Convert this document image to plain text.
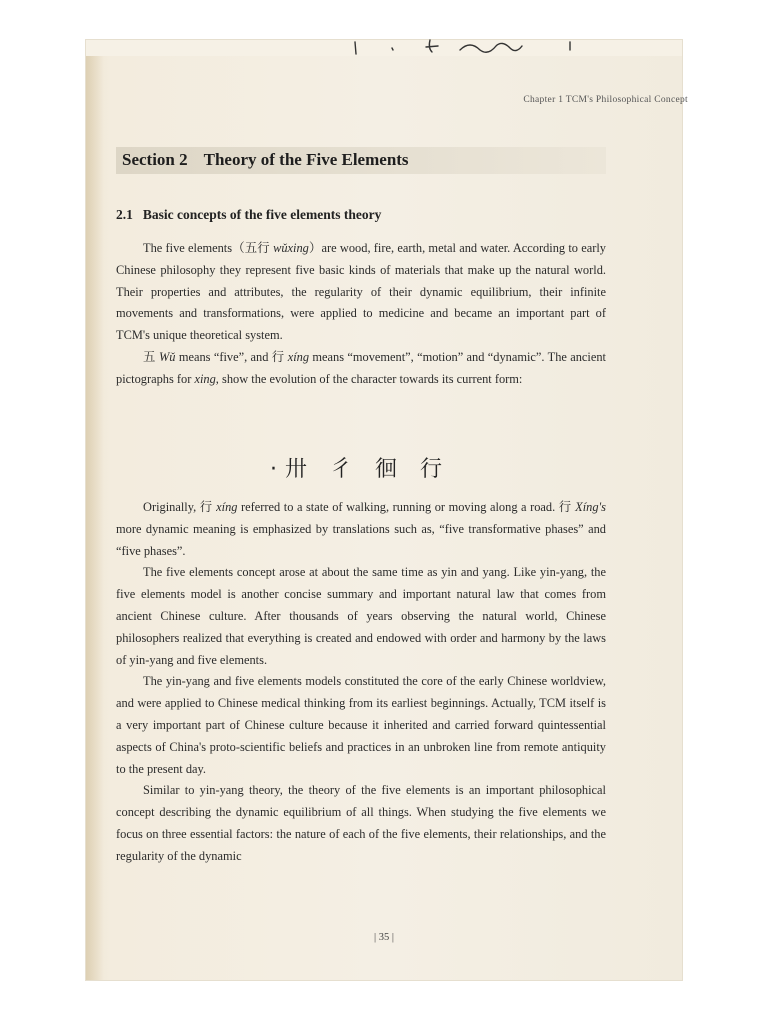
Chapter 1 TCM's Philosophical Concept
Section 2 Theory of the Five Elements
2.1 Basic concepts of the five elements theory

The five elements（五行 wǔxing）are wood, fire, earth, metal and water. According to early Chinese philosophy they represent five basic kinds of materials that make up the natural world. Their properties and attributes, the regularity of their dynamic equilibrium, their infinite movements and transformations, were applied to medicine and became an important part of TCM's unique theoretical system.

五 Wǔ means “five”, and 行 xíng means “movement”, “motion” and “dynamic”. The ancient pictographs for xing, show the evolution of the character towards its current form:

·卅 彳 徊 行

Originally, 行 xíng referred to a state of walking, running or moving along a road. 行 Xíng's more dynamic meaning is emphasized by translations such as, “five transformative phases” and “five phases”.

The five elements concept arose at about the same time as yin and yang. Like yin-yang, the five elements model is another concise summary and important natural law that comes from ancient Chinese culture. After thousands of years observing the natural world, Chinese philosophers realized that everything is created and endowed with order and harmony by the laws of yin-yang and five elements.

The yin-yang and five elements models constituted the core of the early Chinese worldview, and were applied to Chinese medical thinking from its earliest beginnings. Actually, TCM itself is a very important part of Chinese culture because it inherited and carried forward quintessential aspects of China's proto-scientific beliefs and practices in an unbroken line from remote antiquity to the present day.

Similar to yin-yang theory, the theory of the five elements is an important philosophical concept describing the dynamic equilibrium of all things. When studying the five elements we focus on three essential factors: the nature of each of the five elements, their relationships, and the regularity of the dynamic

| 35 |
